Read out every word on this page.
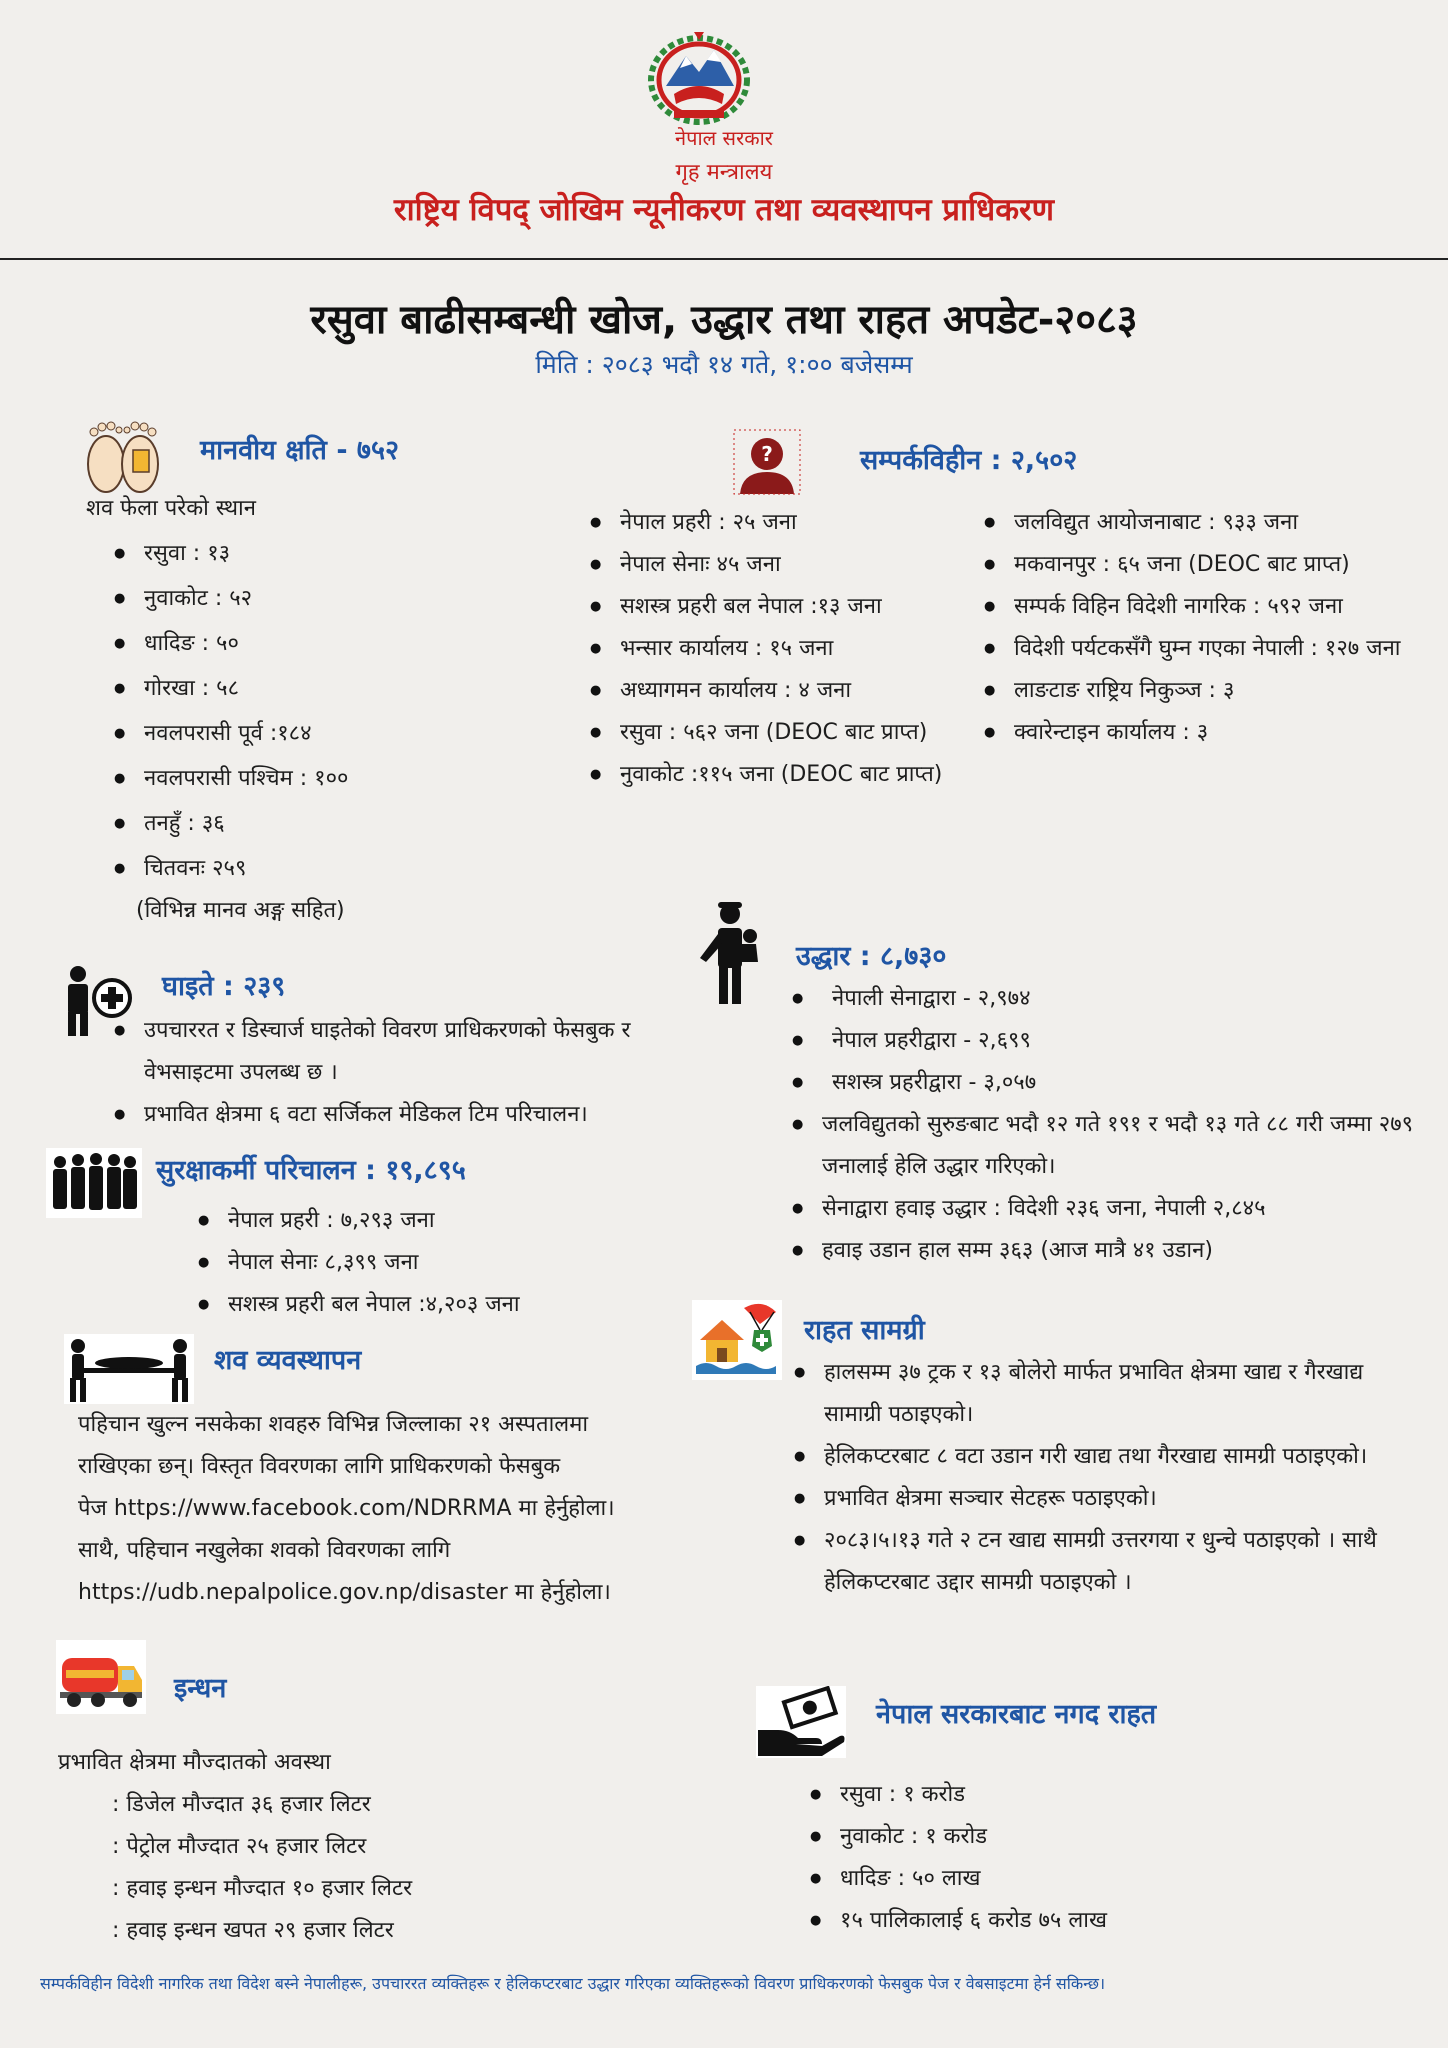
नेपाल सरकार
गृह मन्त्रालय
राष्ट्रिय विपद् जोखिम न्यूनीकरण तथा व्यवस्थापन प्राधिकरण
रसुवा बाढीसम्बन्धी खोज, उद्धार तथा राहत अपडेट-२०८३
मिति : २०८३ भदौ १४ गते, १:०० बजेसम्म
मानवीय क्षति - ७५२
शव फेला परेको स्थान
● रसुवा : १३
● नुवाकोट : ५२
● धादिङ : ५०
● गोरखा : ५८
● नवलपरासी पूर्व :१८४
● नवलपरासी पश्चिम : १००
● तनहुँ : ३६
● चितवनः २५९
(विभिन्न मानव अङ्ग सहित)
?	सम्पर्कविहीन : २,५०२
● नेपाल प्रहरी : २५ जना
● नेपाल सेनाः ४५ जना
● सशस्त्र प्रहरी बल नेपाल :१३ जना
● भन्सार कार्यालय : १५ जना
● अध्यागमन कार्यालय : ४ जना
● रसुवा : ५६२ जना (DEOC बाट प्राप्त)
● नुवाकोट :११५ जना (DEOC बाट प्राप्त)
● जलविद्युत आयोजनाबाट : ९३३ जना
● मकवानपुर : ६५ जना (DEOC बाट प्राप्त)
● सम्पर्क विहिन विदेशी नागरिक : ५९२ जना
● विदेशी पर्यटकसँगै घुम्न गएका नेपाली : १२७ जना
● लाङटाङ राष्ट्रिय निकुञ्ज : ३
● क्वारेन्टाइन कार्यालय : ३
घाइते : २३९
● उपचाररत र डिस्चार्ज घाइतेको विवरण प्राधिकरणको फेसबुक र वेभसाइटमा उपलब्ध छ ।
● प्रभावित क्षेत्रमा ६ वटा सर्जिकल मेडिकल टिम परिचालन।
सुरक्षाकर्मी परिचालन : १९,८९५
● नेपाल प्रहरी : ७,२९३ जना
● नेपाल सेनाः ८,३९९ जना
● सशस्त्र प्रहरी बल नेपाल :४,२०३ जना
शव व्यवस्थापन
पहिचान खुल्न नसकेका शवहरु विभिन्न जिल्लाका २१ अस्पतालमा
राखिएका छन्। विस्तृत विवरणका लागि प्राधिकरणको फेसबुक
पेज https://www.facebook.com/NDRRMA मा हेर्नुहोला।
साथै, पहिचान नखुलेका शवको विवरणका लागि
https://udb.nepalpolice.gov.np/disaster मा हेर्नुहोला।
इन्धन
प्रभावित क्षेत्रमा मौज्दातको अवस्था
: डिजेल मौज्दात ३६ हजार लिटर
: पेट्रोल मौज्दात २५ हजार लिटर
: हवाइ इन्धन मौज्दात १० हजार लिटर
: हवाइ इन्धन खपत २९ हजार लिटर
उद्धार : ८,७३०
● नेपाली सेनाद्वारा - २,९७४
● नेपाल प्रहरीद्वारा - २,६९९
● सशस्त्र प्रहरीद्वारा - ३,०५७
● जलविद्युतको सुरुङबाट भदौ १२ गते १९१ र भदौ १३ गते ८८ गरी जम्मा २७९ जनालाई हेलि उद्धार गरिएको।
● सेनाद्वारा हवाइ उद्धार : विदेशी २३६ जना, नेपाली २,८४५
● हवाइ उडान हाल सम्म ३६३ (आज मात्रै ४१ उडान)
राहत सामग्री
● हालसम्म ३७ ट्रक र १३ बोलेरो मार्फत प्रभावित क्षेत्रमा खाद्य र गैरखाद्य सामाग्री पठाइएको।
● हेलिकप्टरबाट ८ वटा उडान गरी खाद्य तथा गैरखाद्य सामग्री पठाइएको।
● प्रभावित क्षेत्रमा सञ्चार सेटहरू पठाइएको।
● २०८३।५।१३ गते २ टन खाद्य सामग्री उत्तरगया र धुन्चे पठाइएको । साथै हेलिकप्टरबाट उद्दार सामग्री पठाइएको ।
नेपाल सरकारबाट नगद राहत
● रसुवा : १ करोड
● नुवाकोट : १ करोड
● धादिङ : ५० लाख
● १५ पालिकालाई ६ करोड ७५ लाख
सम्पर्कविहीन विदेशी नागरिक तथा विदेश बस्ने नेपालीहरू, उपचाररत व्यक्तिहरू र हेलिकप्टरबाट उद्धार गरिएका व्यक्तिहरूको विवरण प्राधिकरणको फेसबुक पेज र वेबसाइटमा हेर्न सकिन्छ।
